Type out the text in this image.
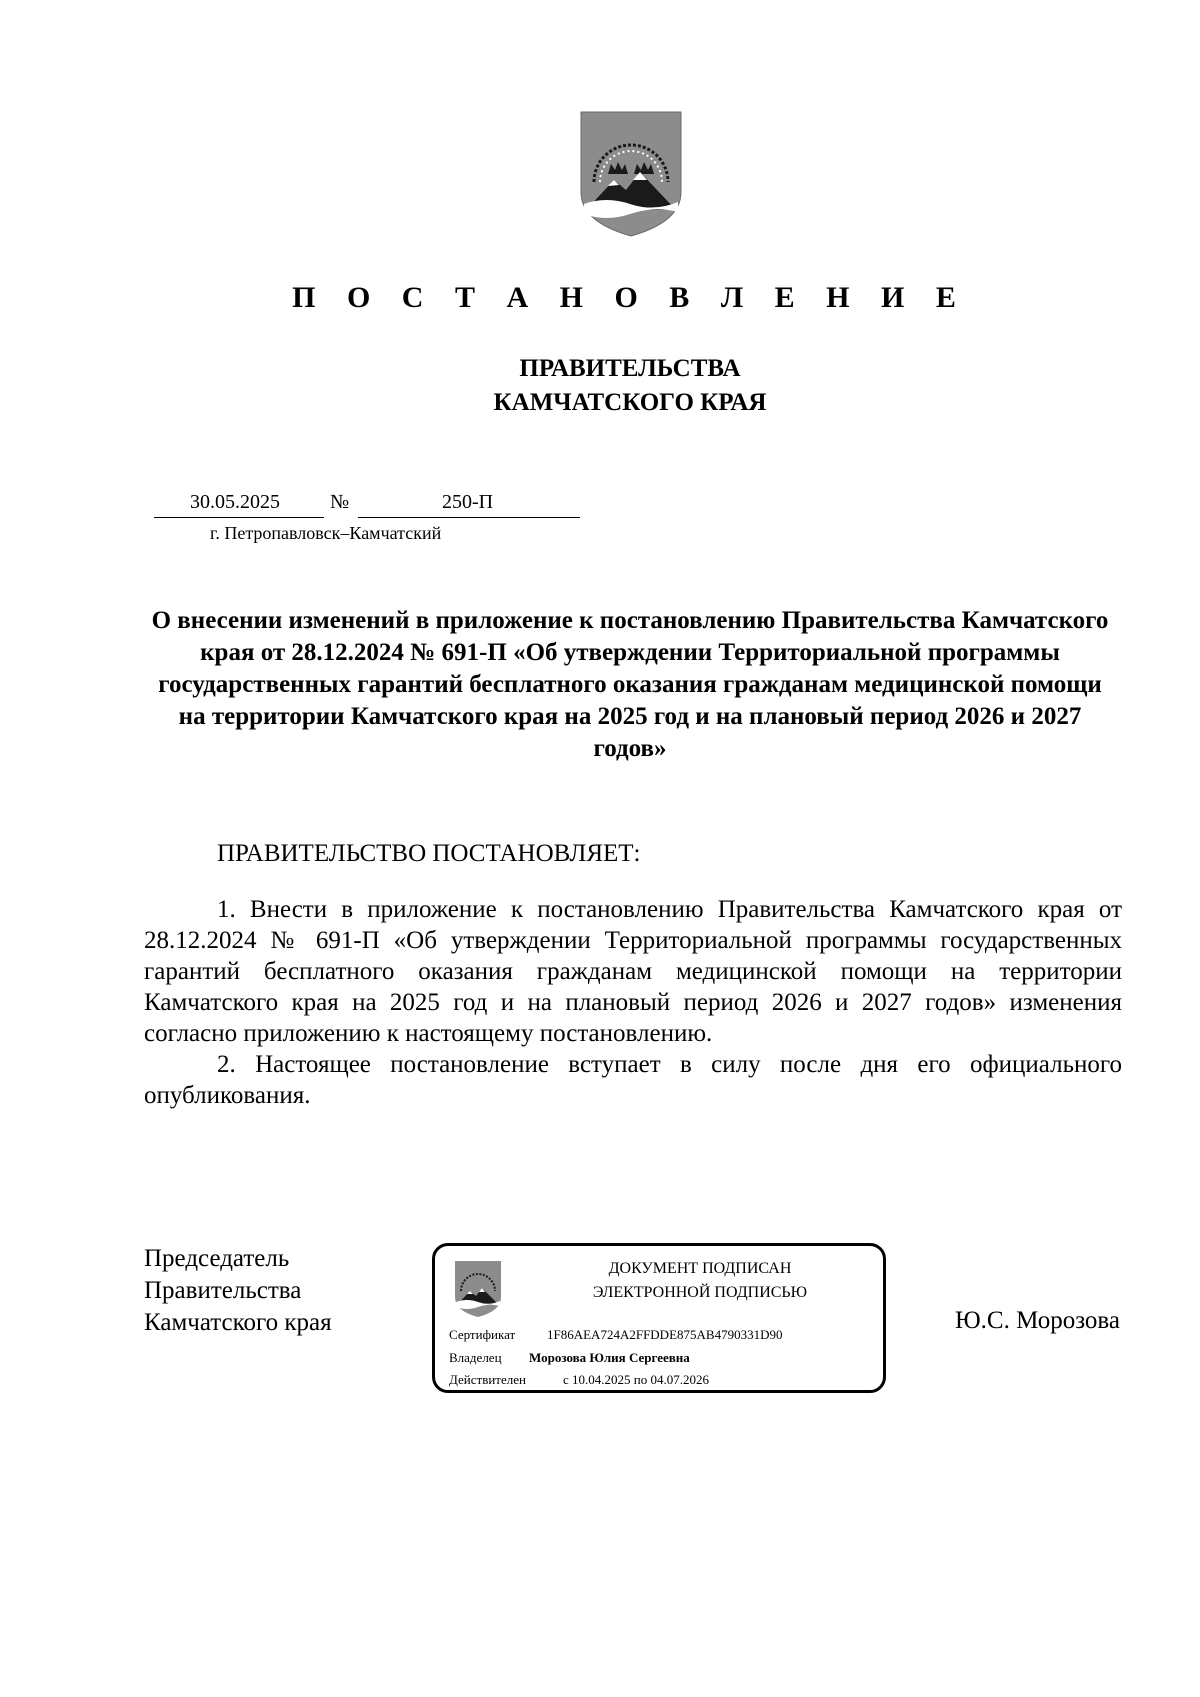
П О С Т А Н О В Л Е Н И Е
ПРАВИТЕЛЬСТВА
КАМЧАТСКОГО КРАЯ
30.05.2025	№	250-П
г. Петропавловск–Камчатский
О внесении изменений в приложение к постановлению Правительства Камчатского края от 28.12.2024 № 691-П «Об утверждении Территориальной программы государственных гарантий бесплатного оказания гражданам медицинской помощи на территории Камчатского края на 2025 год и на плановый период 2026 и 2027 годов»

ПРАВИТЕЛЬСТВО ПОСТАНОВЛЯЕТ:

1. Внести в приложение к постановлению Правительства Камчатского края от 28.12.2024 № 691-П «Об утверждении Территориальной программы государственных гарантий бесплатного оказания гражданам медицинской помощи на территории Камчатского края на 2025 год и на плановый период 2026 и 2027 годов» изменения согласно приложению к настоящему постановлению.

2. Настоящее постановление вступает в силу после дня его официального опубликования.

Председатель
Правительства
Камчатского края
ДОКУМЕНТ ПОДПИСАН
ЭЛЕКТРОННОЙ ПОДПИСЬЮ
Сертификат 1F86AEA724A2FFDDE875AB4790331D90
Владелец Морозова Юлия Сергеевна
Действителен	с 10.04.2025 по 04.07.2026
Ю.С. Морозова
